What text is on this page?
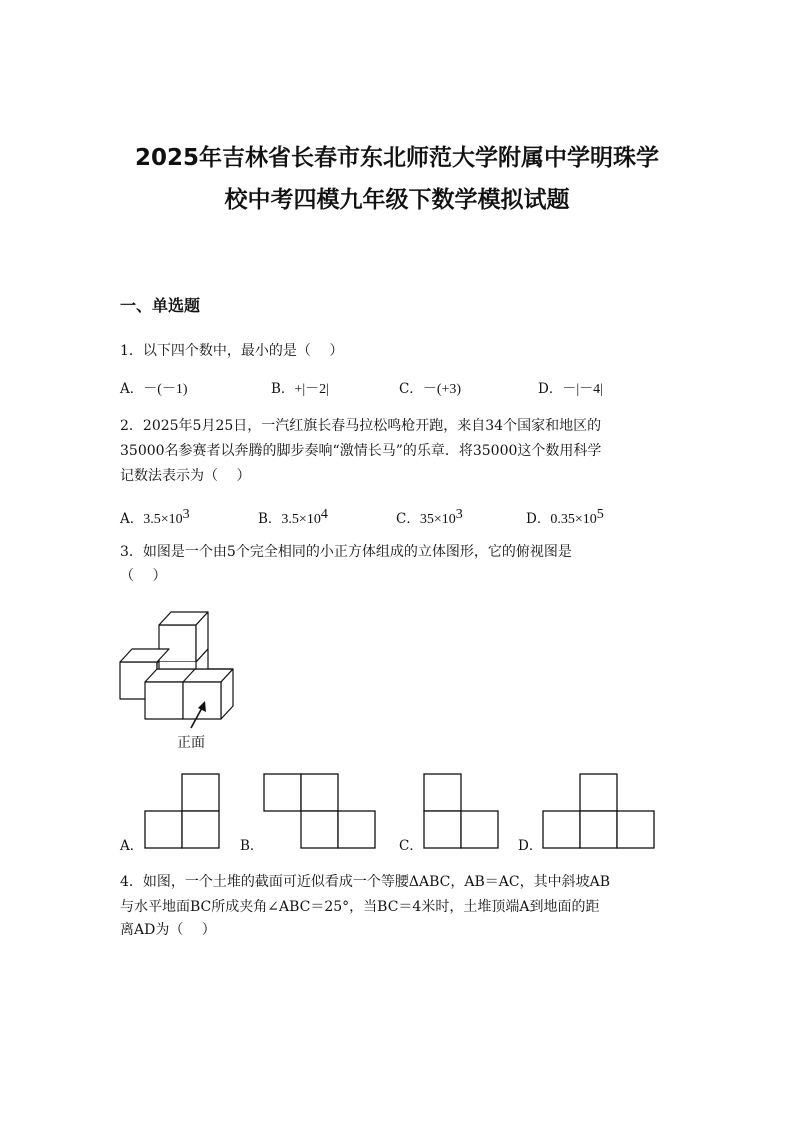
2025年吉林省长春市东北师范大学附属中学明珠学
校中考四模九年级下数学模拟试题
一、单选题
1．以下四个数中，最小的是（　 ）
A．－(－1)	B．+|－2|	C．－(+3)	D．－|－4|
2．2025年5月25日，一汽红旗长春马拉松鸣枪开跑，来自34个国家和地区的
35000名参赛者以奔腾的脚步奏响“激情长马”的乐章．将35000这个数用科学
记数法表示为（　 ）
A．$3.5\times 10^3$	B．$3.5\times 10^4$	C．$35\times 10^3$	D．$0.35\times 10^5$
3．如图是一个由5个完全相同的小正方体组成的立体图形，它的俯视图是
（　 ）
正面
A．	B．	C．	D．
4．如图，一个土堆的截面可近似看成一个等腰ΔABC，AB＝AC，其中斜坡AB
与水平地面BC所成夹角∠ABC＝25°，当BC＝4米时，土堆顶端A到地面的距
离AD为（　 ）
